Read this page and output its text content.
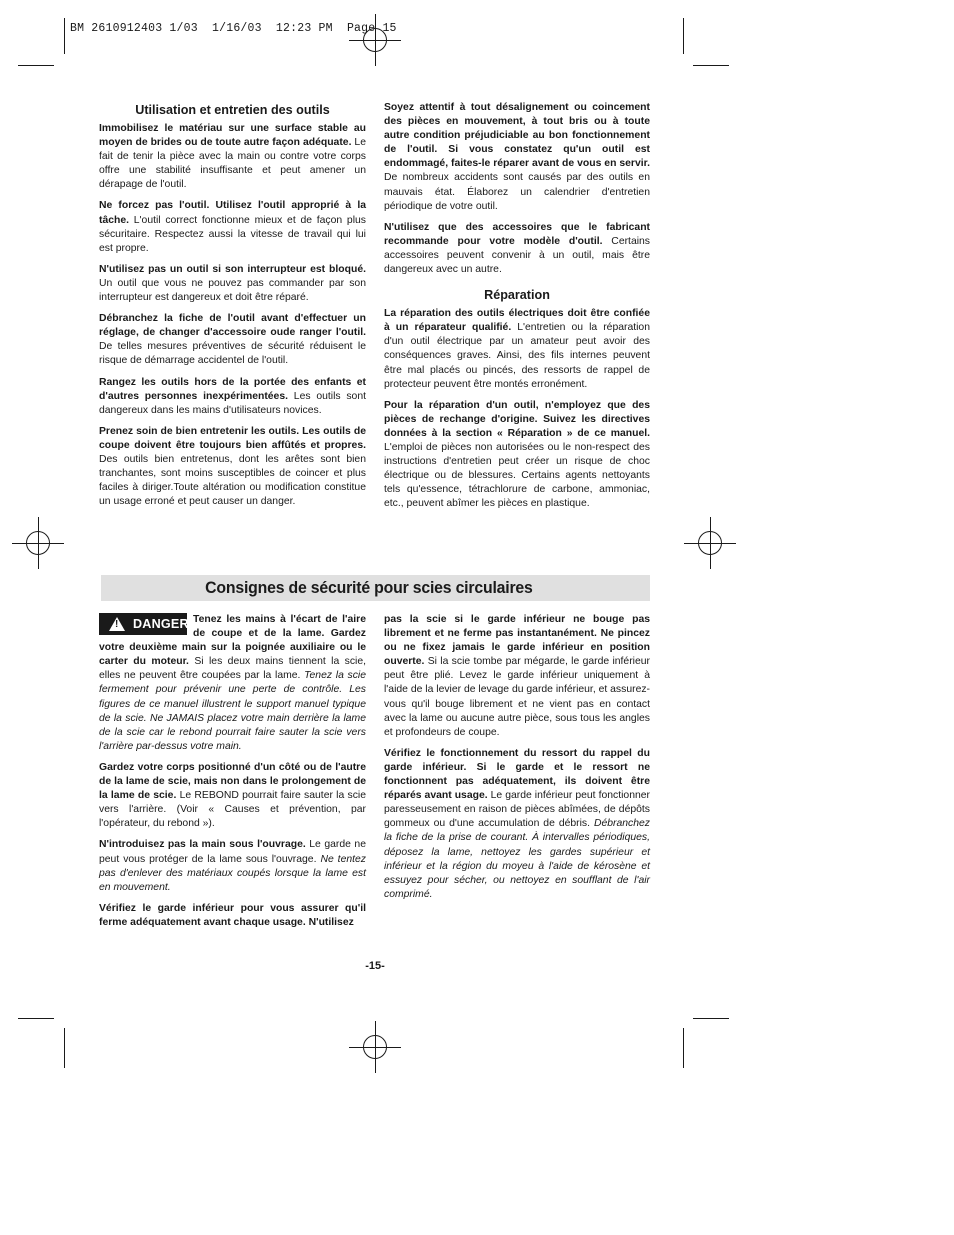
BM 2610912403 1/03  1/16/03  12:23 PM  Page 15
Utilisation et entretien des outils

Immobilisez le matériau sur une surface stable au moyen de brides ou de toute autre façon adéquate. Le fait de tenir la pièce avec la main ou contre votre corps offre une stabilité insuffisante et peut amener un dérapage de l'outil.

Ne forcez pas l'outil. Utilisez l'outil approprié à la tâche. L'outil correct fonctionne mieux et de façon plus sécuritaire. Respectez aussi la vitesse de travail qui lui est propre.

N'utilisez pas un outil si son interrupteur est bloqué. Un outil que vous ne pouvez pas commander par son interrupteur est dangereux et doit être réparé.

Débranchez la fiche de l'outil avant d'effectuer un réglage, de changer d'accessoire oude ranger l'outil. De telles mesures préventives de sécurité réduisent le risque de démarrage accidentel de l'outil.

Rangez les outils hors de la portée des enfants et d'autres personnes inexpérimentées. Les outils sont dangereux dans les mains d'utilisateurs novices.

Prenez soin de bien entretenir les outils. Les outils de coupe doivent être toujours bien affûtés et propres. Des outils bien entretenus, dont les arêtes sont bien tranchantes, sont moins susceptibles de coincer et plus faciles à diriger.Toute altération ou modification constitue un usage erroné et peut causer un danger.

Soyez attentif à tout désalignement ou coincement des pièces en mouvement, à tout bris ou à toute autre condition préjudiciable au bon fonctionnement de l'outil. Si vous constatez qu'un outil est endommagé, faites-le réparer avant de vous en servir. De nombreux accidents sont causés par des outils en mauvais état. Élaborez un calendrier d'entretien périodique de votre outil.

N'utilisez que des accessoires que le fabricant recommande pour votre modèle d'outil. Certains accessoires peuvent convenir à un outil, mais être dangereux avec un autre.

Réparation

La réparation des outils électriques doit être confiée à un réparateur qualifié. L'entretien ou la réparation d'un outil électrique par un amateur peut avoir des conséquences graves. Ainsi, des fils internes peuvent être mal placés ou pincés, des ressorts de rappel de protecteur peuvent être montés erronément.

Pour la réparation d'un outil, n'employez que des pièces de rechange d'origine. Suivez les directives données à la section « Réparation » de ce manuel. L'emploi de pièces non autorisées ou le non-respect des instructions d'entretien peut créer un risque de choc électrique ou de blessures. Certains agents nettoyants tels qu'essence, tétrachlorure de carbone, ammoniac, etc., peuvent abîmer les pièces en plastique.

Consignes de sécurité pour scies circulaires

! DANGER Tenez les mains à l'écart de l'aire de coupe et de la lame. Gardez votre deuxième main sur la poignée auxiliaire ou le carter du moteur. Si les deux mains tiennent la scie, elles ne peuvent être coupées par la lame. Tenez la scie fermement pour prévenir une perte de contrôle. Les figures de ce manuel illustrent le support manuel typique de la scie. Ne JAMAIS placez votre main derrière la lame de la scie car le rebond pourrait faire sauter la scie vers l'arrière par-dessus votre main.

Gardez votre corps positionné d'un côté ou de l'autre de la lame de scie, mais non dans le prolongement de la lame de scie. Le REBOND pourrait faire sauter la scie vers l'arrière. (Voir « Causes et prévention, par l'opérateur, du rebond »).

N'introduisez pas la main sous l'ouvrage. Le garde ne peut vous protéger de la lame sous l'ouvrage. Ne tentez pas d'enlever des matériaux coupés lorsque la lame est en mouvement.

Vérifiez le garde inférieur pour vous assurer qu'il ferme adéquatement avant chaque usage. N'utilisez

pas la scie si le garde inférieur ne bouge pas librement et ne ferme pas instantanément. Ne pincez ou ne fixez jamais le garde inférieur en position ouverte. Si la scie tombe par mégarde, le garde inférieur peut être plié. Levez le garde inférieur uniquement à l'aide de la levier de levage du garde inférieur, et assurez-vous qu'il bouge librement et ne vient pas en contact avec la lame ou aucune autre pièce, sous tous les angles et profondeurs de coupe.

Vérifiez le fonctionnement du ressort du rappel du garde inférieur. Si le garde et le ressort ne fonctionnent pas adéquatement, ils doivent être réparés avant usage. Le garde inférieur peut fonctionner paresseusement en raison de pièces abîmées, de dépôts gommeux ou d'une accumulation de débris. Débranchez la fiche de la prise de courant. À intervalles périodiques, déposez la lame, nettoyez les gardes supérieur et inférieur et la région du moyeu à l'aide de kérosène et essuyez pour sécher, ou nettoyez en soufflant de l'air comprimé.

-15-
